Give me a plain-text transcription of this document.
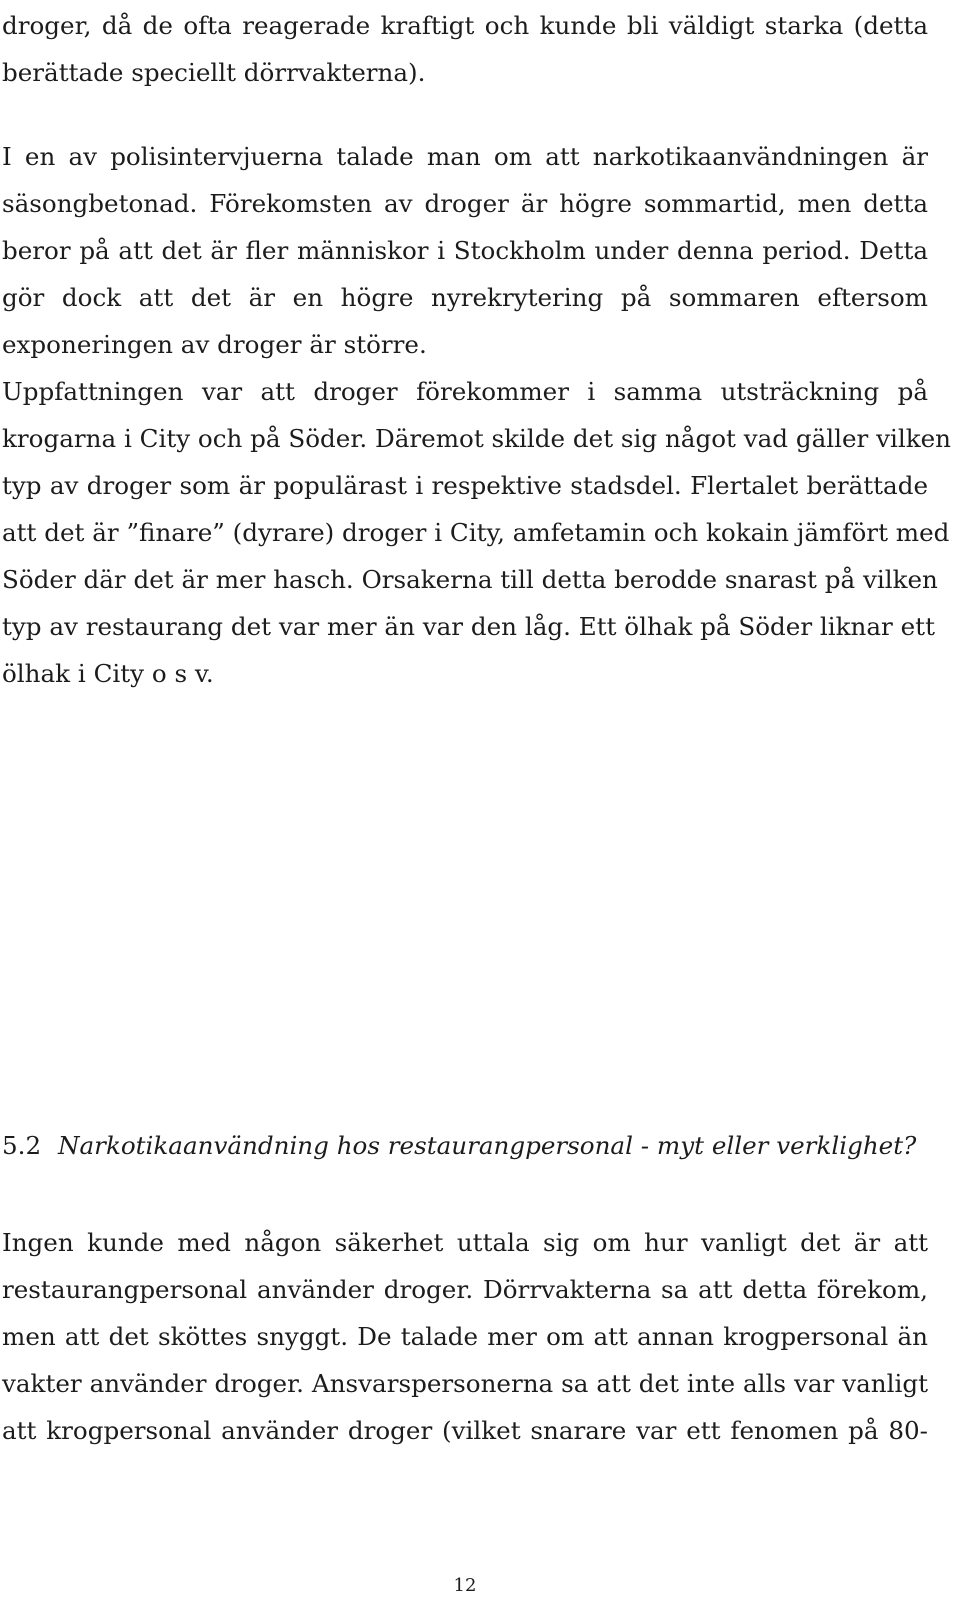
droger, då de ofta reagerade kraftigt och kunde bli väldigt starka (detta
berättade speciellt dörrvakterna).

I en av polisintervjuerna talade man om att narkotikaanvändningen är
säsongbetonad. Förekomsten av droger är högre sommartid, men detta
beror på att det är fler människor i Stockholm under denna period. Detta
gör dock att det är en högre nyrekrytering på sommaren eftersom
exponeringen av droger är större.

Uppfattningen var att droger förekommer i samma utsträckning på
krogarna i City och på Söder. Däremot skilde det sig något vad gäller vilken
typ av droger som är populärast i respektive stadsdel. Flertalet berättade
att det är ”finare” (dyrare) droger i City, amfetamin och kokain jämfört med
Söder där det är mer hasch. Orsakerna till detta berodde snarast på vilken
typ av restaurang det var mer än var den låg. Ett ölhak på Söder liknar ett
ölhak i City o s v.

5.2 Narkotikaanvändning hos restaurangpersonal - myt eller verklighet?

Ingen kunde med någon säkerhet uttala sig om hur vanligt det är att
restaurangpersonal använder droger. Dörrvakterna sa att detta förekom,
men att det sköttes snyggt. De talade mer om att annan krogpersonal än
vakter använder droger. Ansvarspersonerna sa att det inte alls var vanligt
att krogpersonal använder droger (vilket snarare var ett fenomen på 80-

12
